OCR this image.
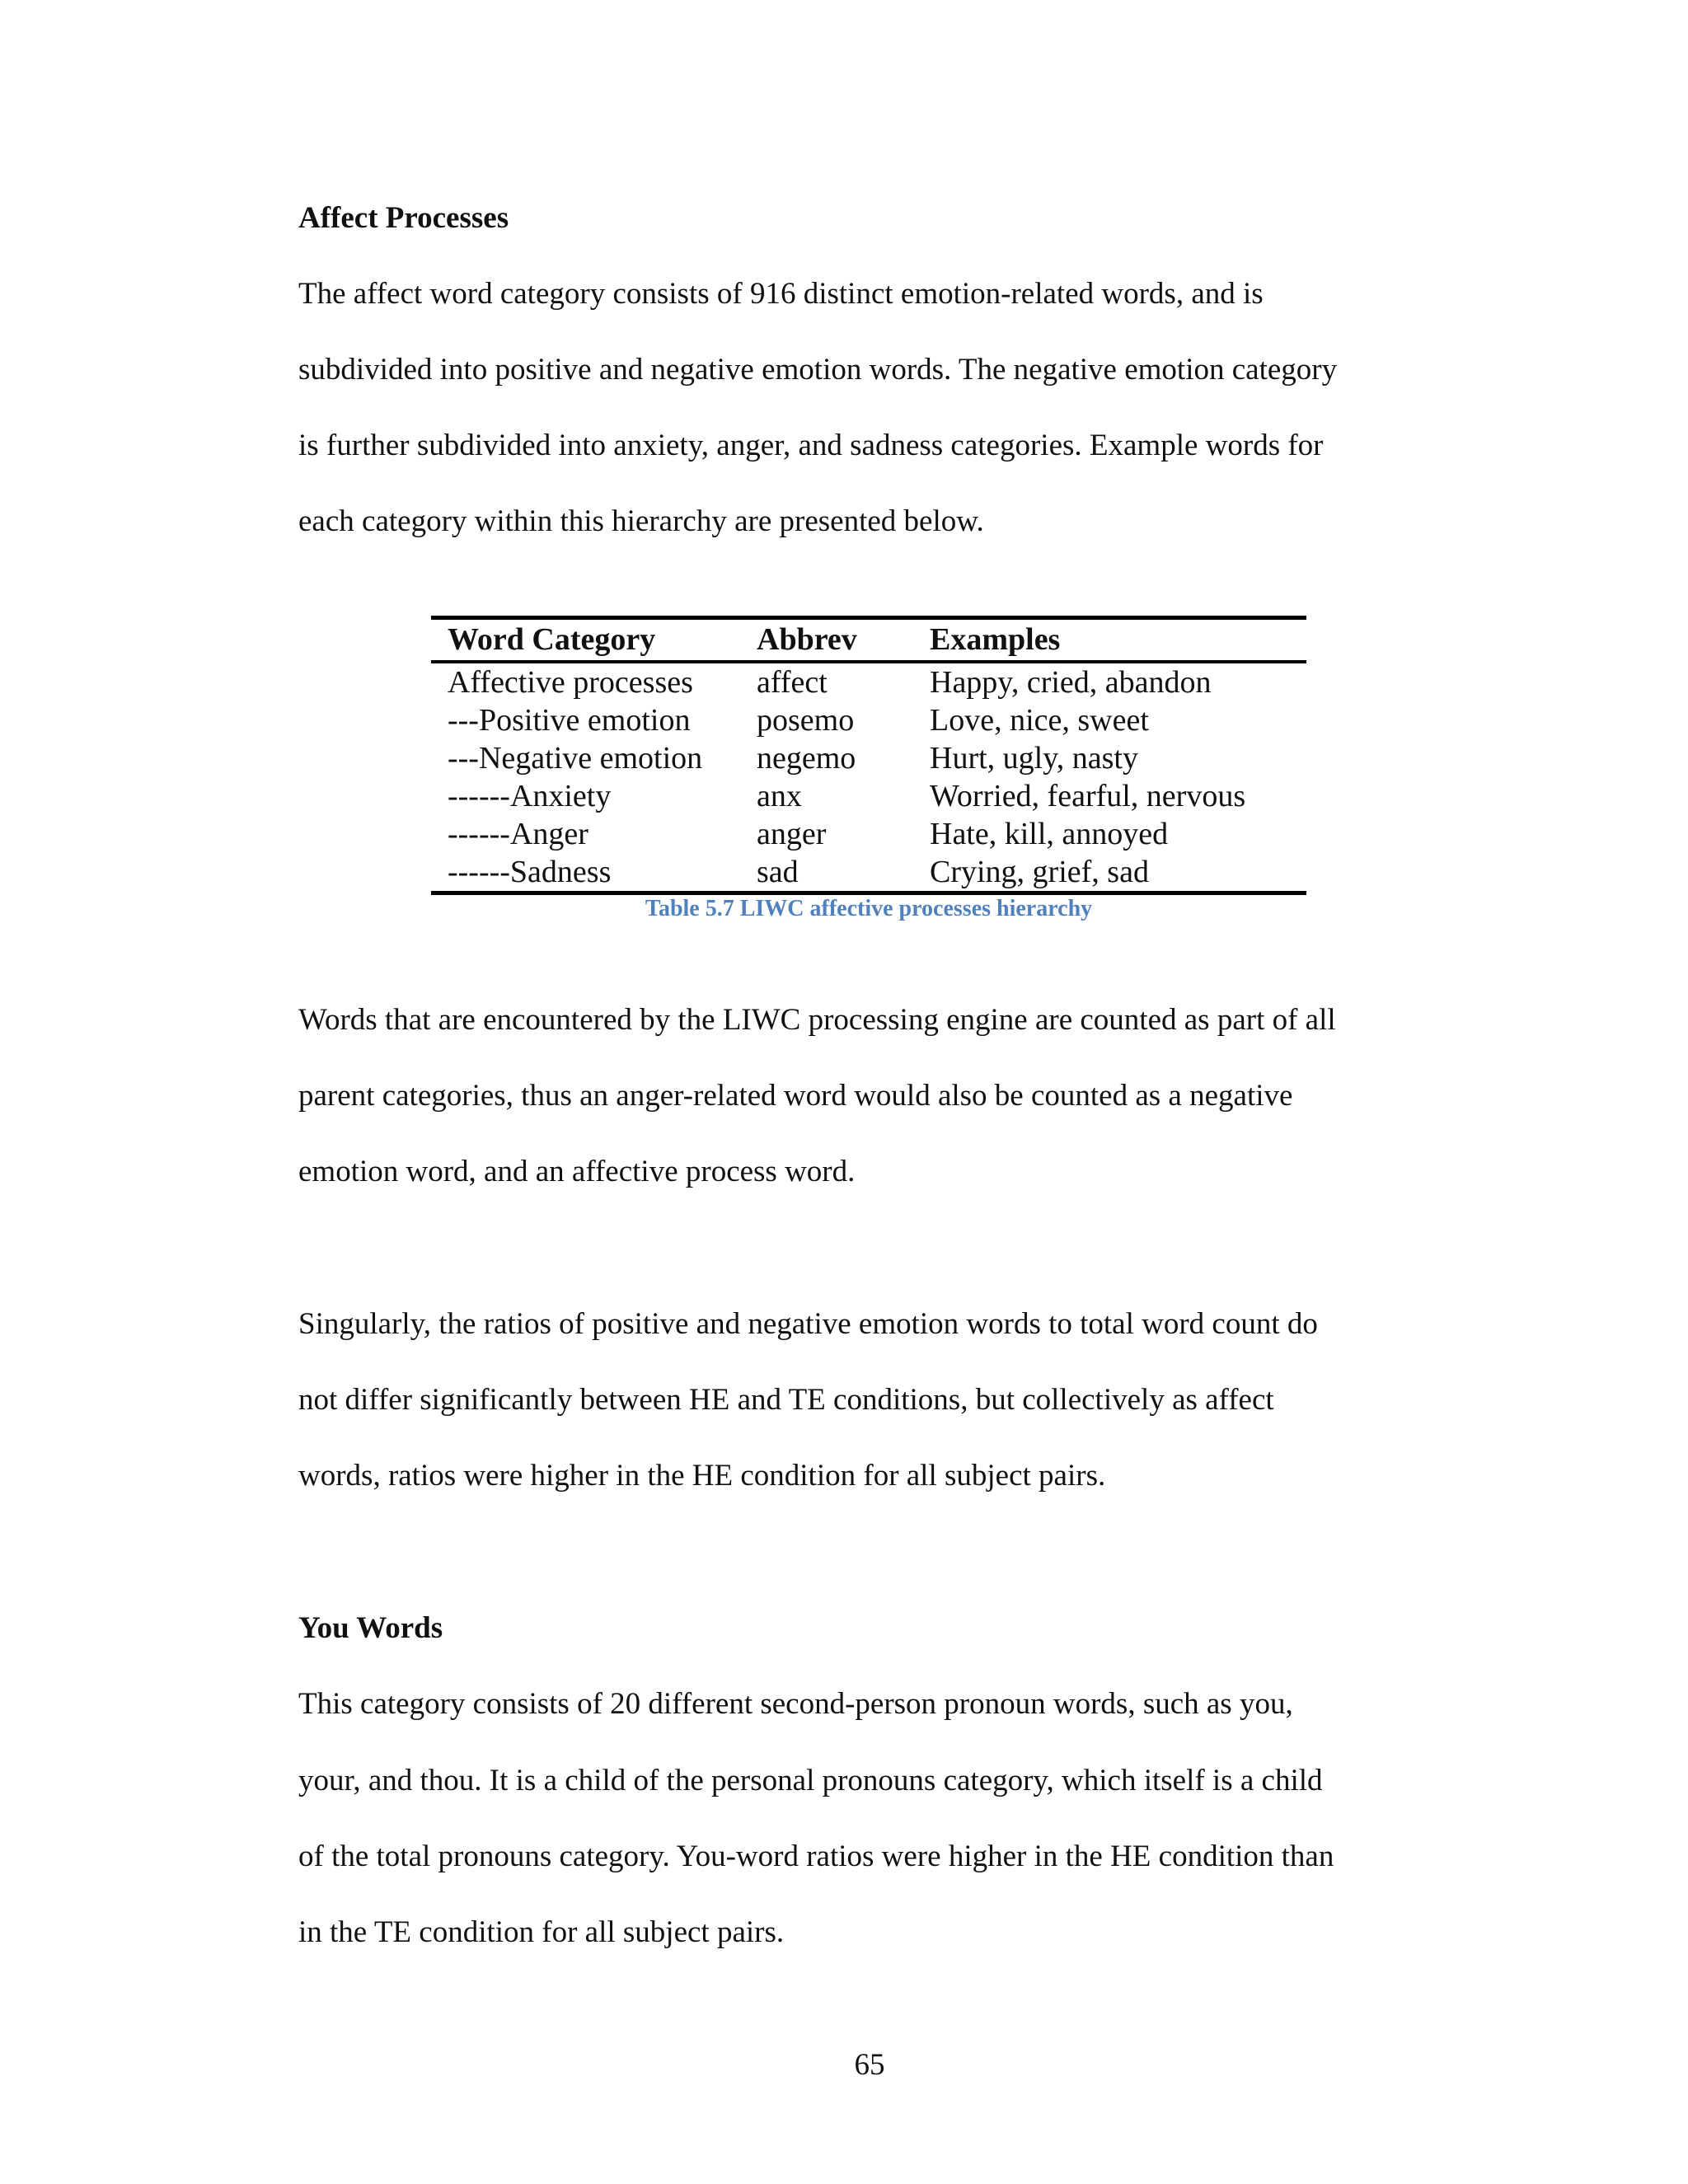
Affect Processes
The affect word category consists of 916 distinct emotion-related words, and is
subdivided into positive and negative emotion words. The negative emotion category
is further subdivided into anxiety, anger, and sadness categories. Example words for
each category within this hierarchy are presented below.
Word Category	Abbrev	Examples
Affective processes	affect	Happy, cried, abandon
---Positive emotion	posemo	Love, nice, sweet
---Negative emotion	negemo	Hurt, ugly, nasty
------Anxiety	anx	Worried, fearful, nervous
------Anger	anger	Hate, kill, annoyed
------Sadness	sad	Crying, grief, sad
Table 5.7 LIWC affective processes hierarchy
Words that are encountered by the LIWC processing engine are counted as part of all
parent categories, thus an anger-related word would also be counted as a negative
emotion word, and an affective process word.
Singularly, the ratios of positive and negative emotion words to total word count do
not differ significantly between HE and TE conditions, but collectively as affect
words, ratios were higher in the HE condition for all subject pairs.
You Words
This category consists of 20 different second-person pronoun words, such as you,
your, and thou. It is a child of the personal pronouns category, which itself is a child
of the total pronouns category. You-word ratios were higher in the HE condition than
in the TE condition for all subject pairs.
65
